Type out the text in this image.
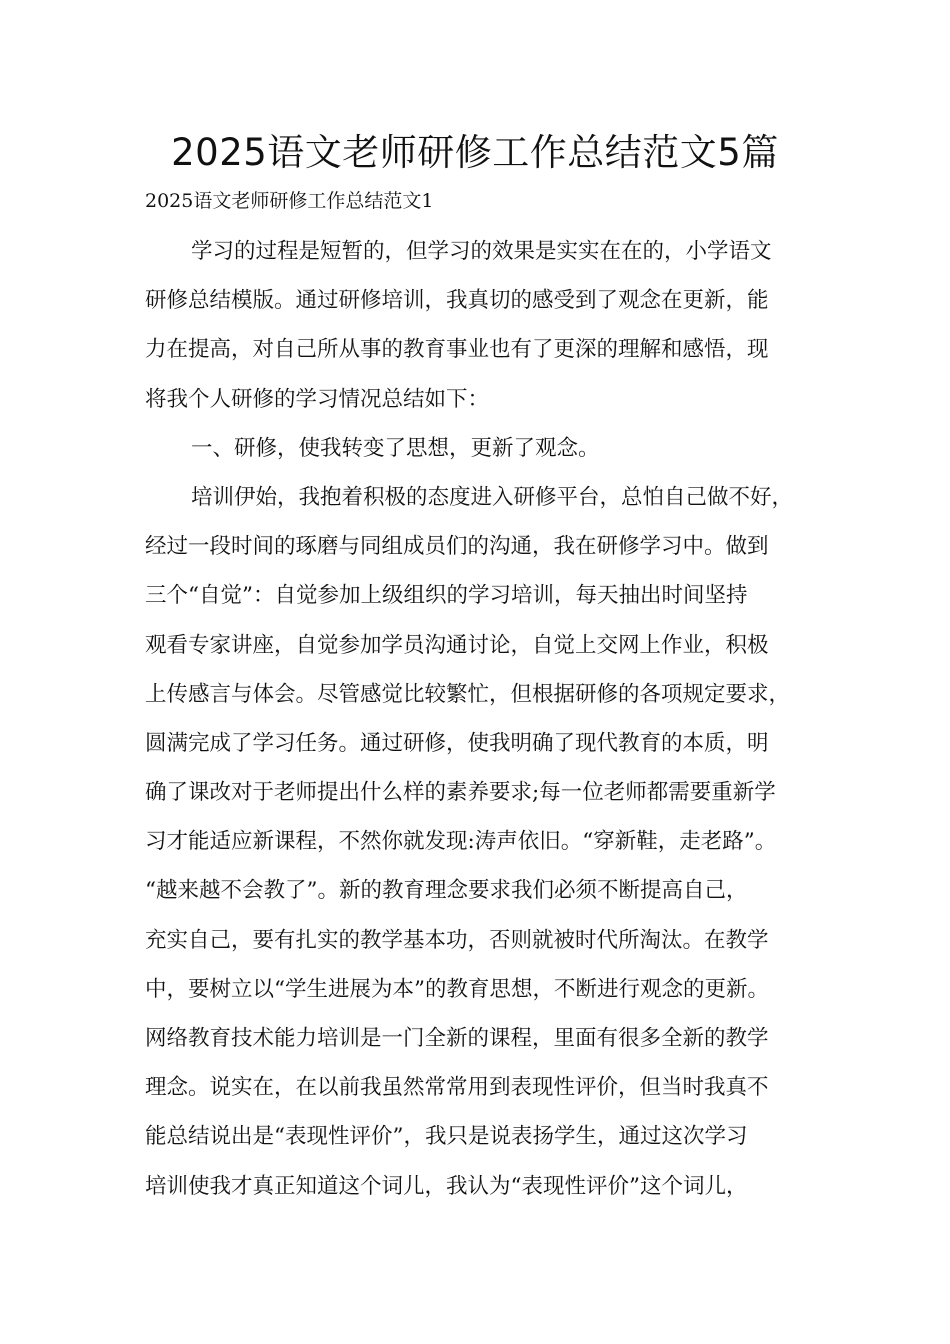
2025语文老师研修工作总结范文5篇

2025语文老师研修工作总结范文1

学习的过程是短暂的，但学习的效果是实实在在的，小学语文
研修总结模版。通过研修培训，我真切的感受到了观念在更新，能
力在提高，对自己所从事的教育事业也有了更深的理解和感悟，现
将我个人研修的学习情况总结如下：
一、研修，使我转变了思想，更新了观念。
培训伊始，我抱着积极的态度进入研修平台，总怕自己做不好，
经过一段时间的琢磨与同组成员们的沟通，我在研修学习中。做到
三个“自觉”：自觉参加上级组织的学习培训，每天抽出时间坚持
观看专家讲座，自觉参加学员沟通讨论，自觉上交网上作业，积极
上传感言与体会。尽管感觉比较繁忙，但根据研修的各项规定要求，
圆满完成了学习任务。通过研修，使我明确了现代教育的本质，明
确了课改对于老师提出什么样的素养要求;每一位老师都需要重新学
习才能适应新课程，不然你就发现:涛声依旧。“穿新鞋，走老路”。
“越来越不会教了”。新的教育理念要求我们必须不断提高自己，
充实自己，要有扎实的教学基本功，否则就被时代所淘汰。在教学
中，要树立以“学生进展为本”的教育思想，不断进行观念的更新。
网络教育技术能力培训是一门全新的课程，里面有很多全新的教学
理念。说实在，在以前我虽然常常用到表现性评价，但当时我真不
能总结说出是“表现性评价”，我只是说表扬学生，通过这次学习
培训使我才真正知道这个词儿，我认为“表现性评价”这个词儿，
